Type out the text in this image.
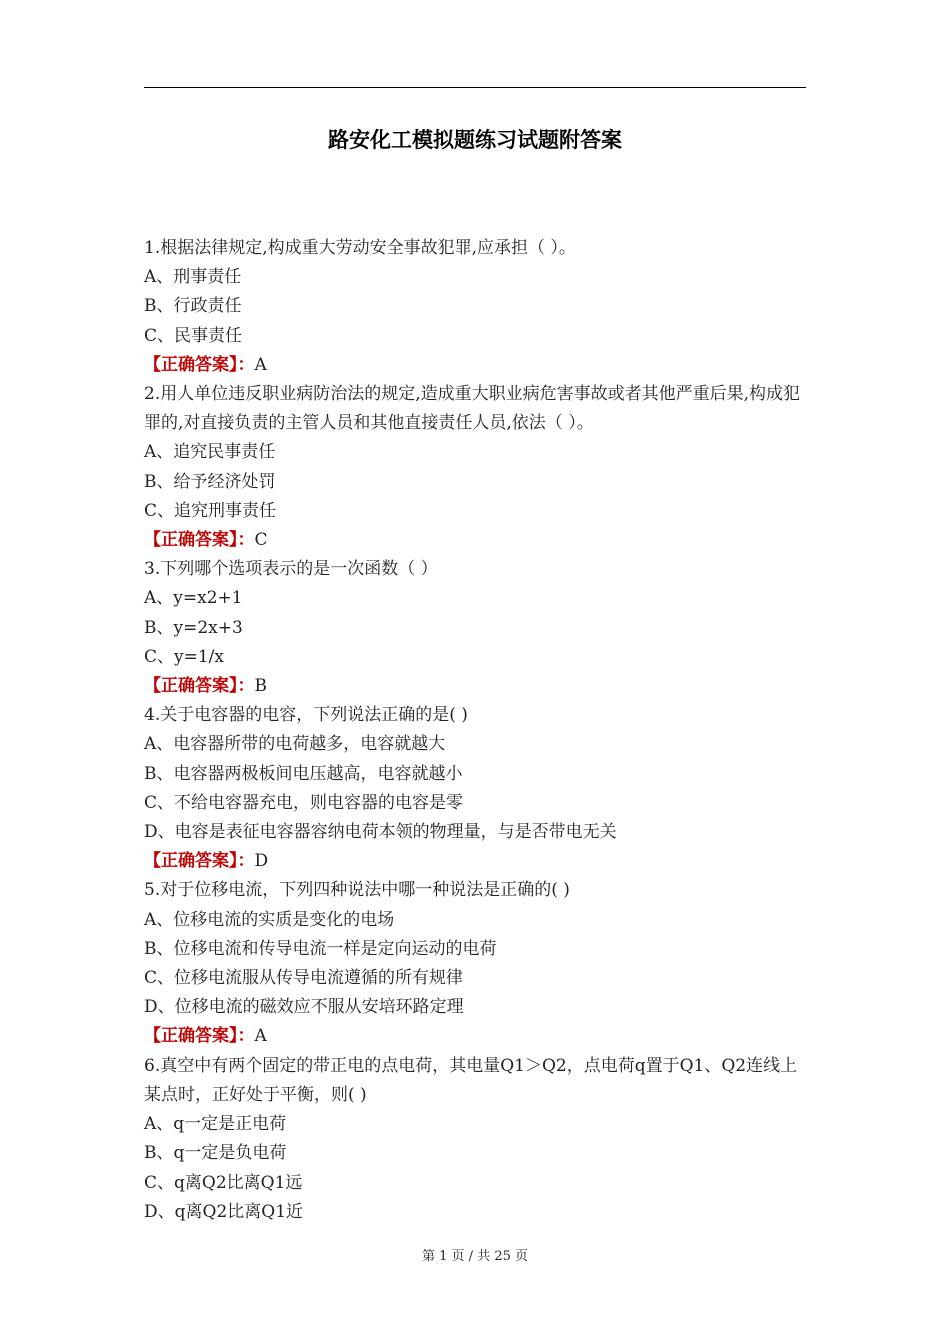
路安化工模拟题练习试题附答案
1.根据法律规定,构成重大劳动安全事故犯罪,应承担（ ）。
A、刑事责任
B、行政责任
C、民事责任
【正确答案】：A
2.用人单位违反职业病防治法的规定,造成重大职业病危害事故或者其他严重后果,构成犯罪的,对直接负责的主管人员和其他直接责任人员,依法（ ）。
A、追究民事责任
B、给予经济处罚
C、追究刑事责任
【正确答案】：C
3.下列哪个选项表示的是一次函数（ ）
A、y=x2+1
B、y=2x+3
C、y=1/x
【正确答案】：B
4.关于电容器的电容，下列说法正确的是( )
A、电容器所带的电荷越多，电容就越大
B、电容器两极板间电压越高，电容就越小
C、不给电容器充电，则电容器的电容是零
D、电容是表征电容器容纳电荷本领的物理量，与是否带电无关
【正确答案】：D
5.对于位移电流，下列四种说法中哪一种说法是正确的( )
A、位移电流的实质是变化的电场
B、位移电流和传导电流一样是定向运动的电荷
C、位移电流服从传导电流遵循的所有规律
D、位移电流的磁效应不服从安培环路定理
【正确答案】：A
6.真空中有两个固定的带正电的点电荷，其电量Q1＞Q2，点电荷q置于Q1、Q2连线上某点时，正好处于平衡，则( )
A、q一定是正电荷
B、q一定是负电荷
C、q离Q2比离Q1远
D、q离Q2比离Q1近
第 1 页 / 共 25 页
